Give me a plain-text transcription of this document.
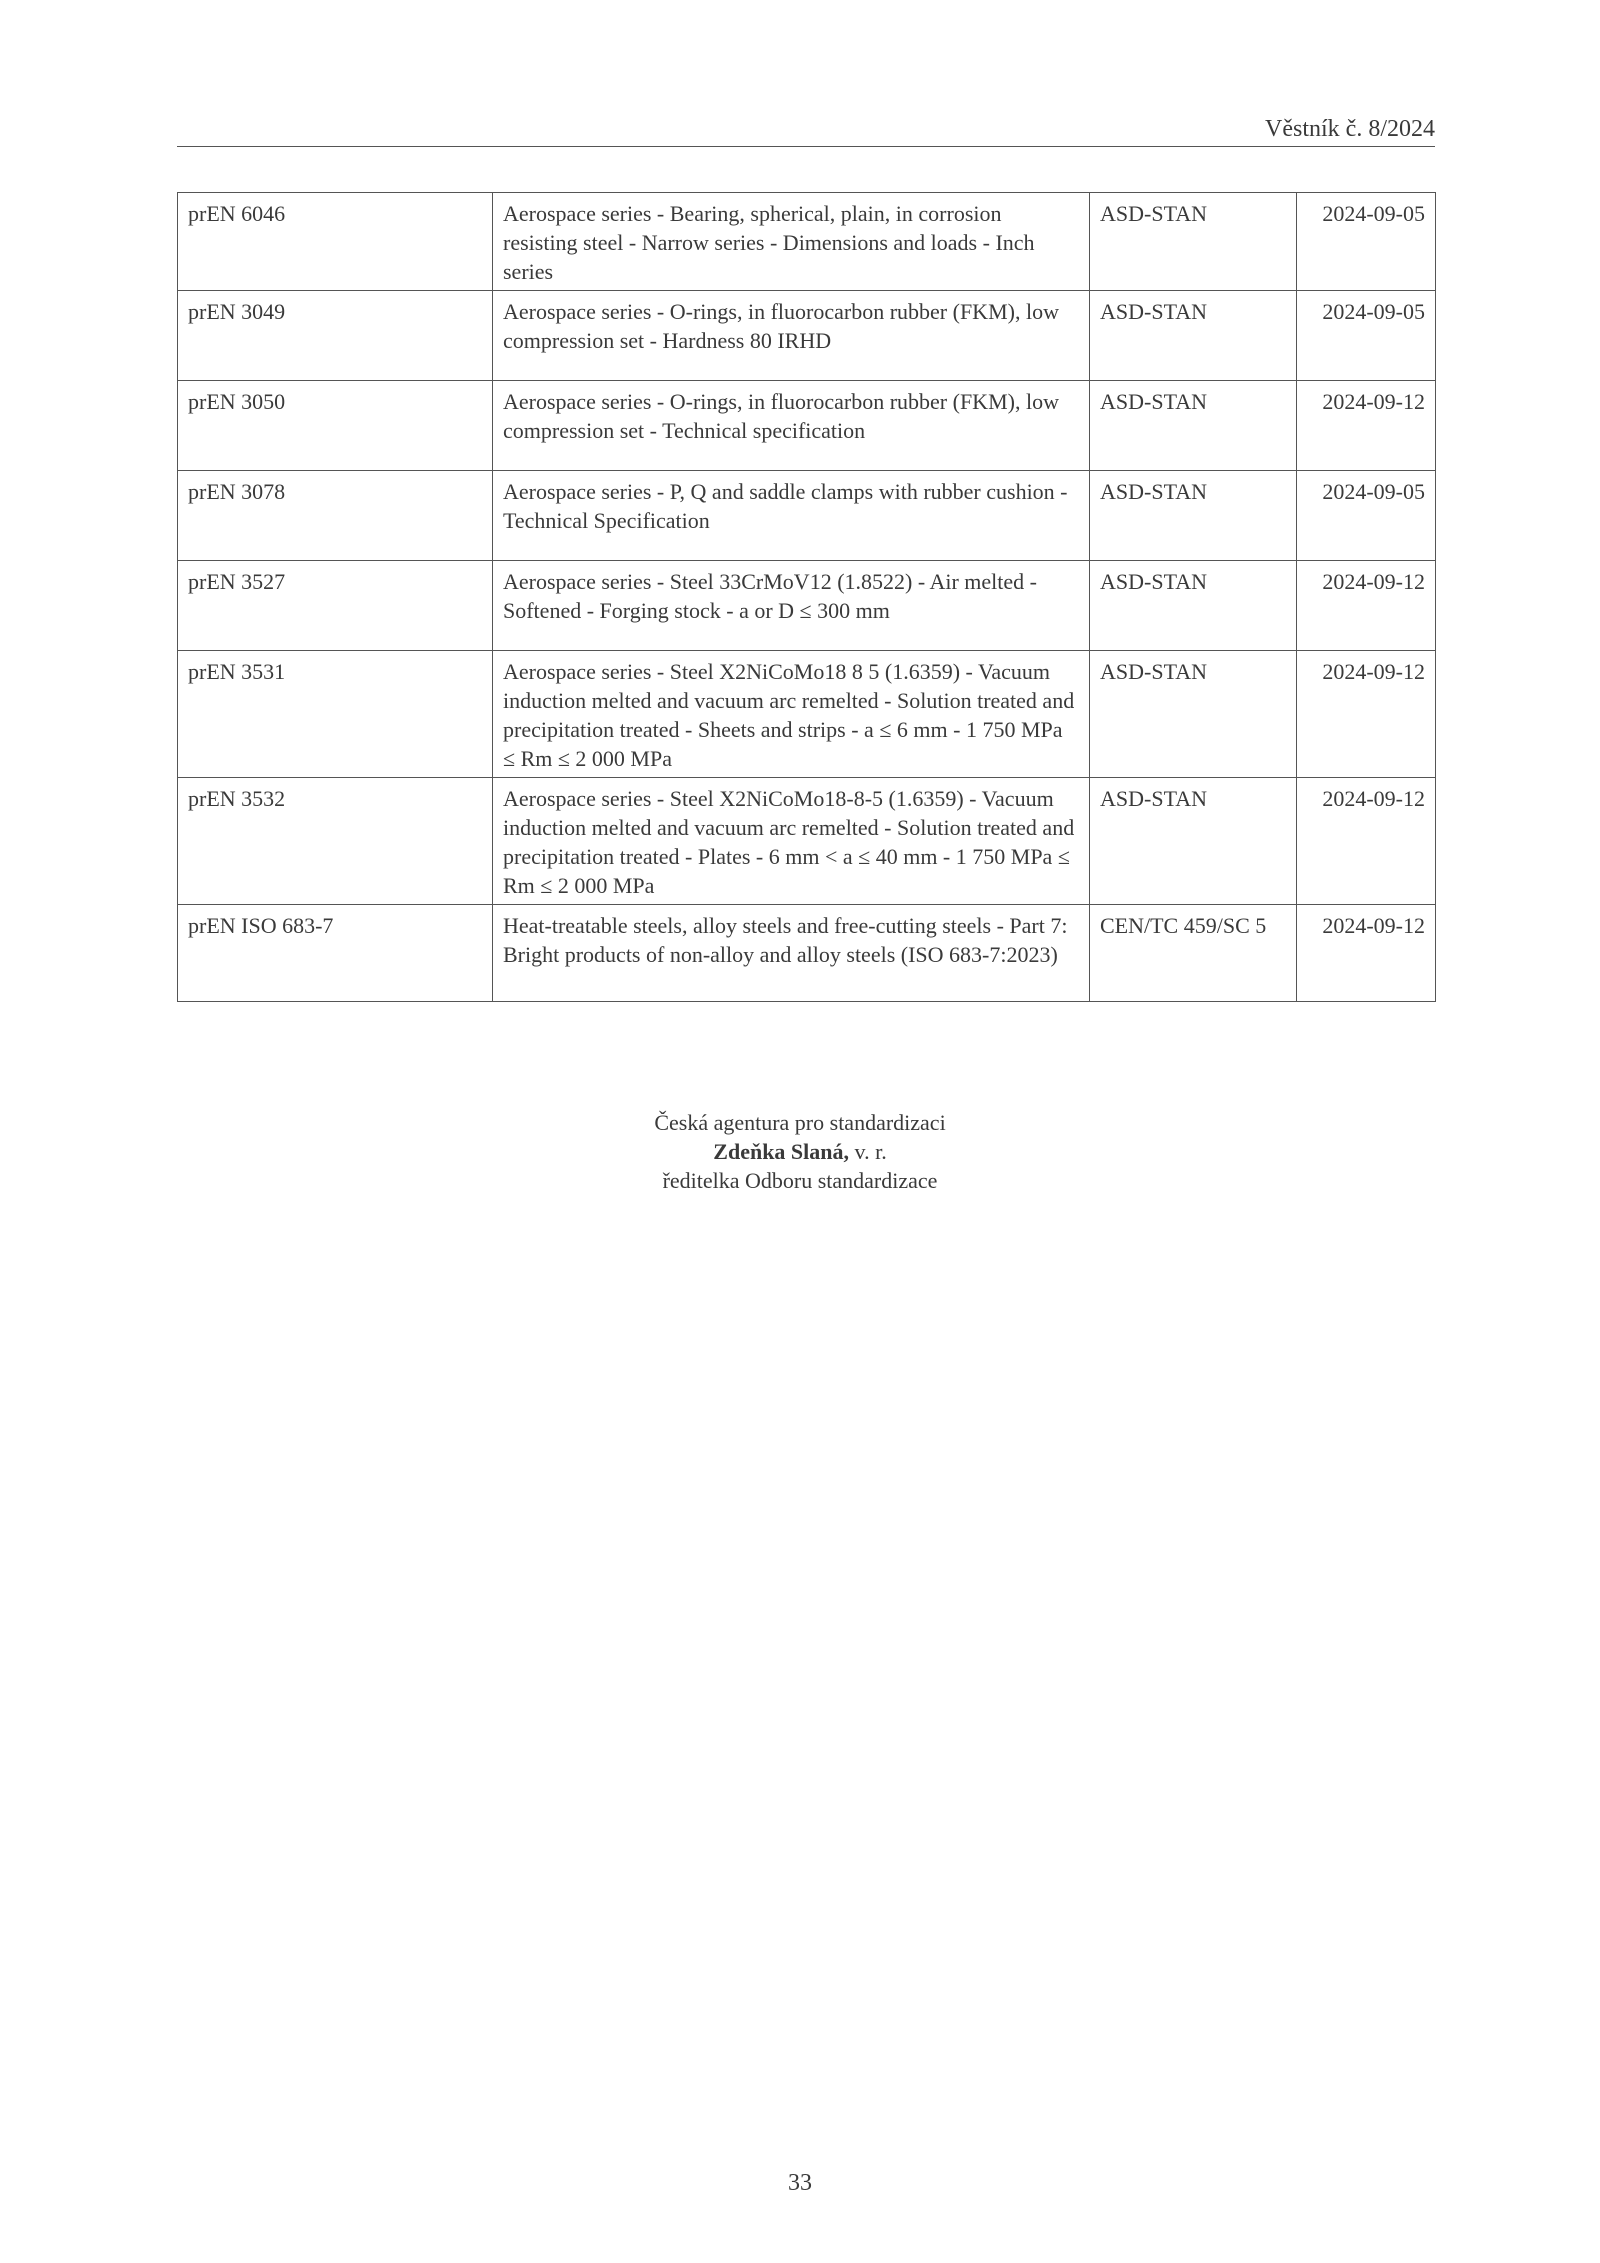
Věstník č. 8/2024
prEN 6046	Aerospace series - Bearing, spherical, plain, in corrosion resisting steel - Narrow series - Dimensions and loads - Inch series	ASD-STAN	2024-09-05
prEN 3049	Aerospace series - O-rings, in fluorocarbon rubber (FKM), low compression set - Hardness 80 IRHD	ASD-STAN	2024-09-05
prEN 3050	Aerospace series - O-rings, in fluorocarbon rubber (FKM), low compression set - Technical specification	ASD-STAN	2024-09-12
prEN 3078	Aerospace series - P, Q and saddle clamps with rubber cushion - Technical Specification	ASD-STAN	2024-09-05
prEN 3527	Aerospace series - Steel 33CrMoV12 (1.8522) - Air melted - Softened - Forging stock - a or D ≤ 300 mm	ASD-STAN	2024-09-12
prEN 3531	Aerospace series - Steel X2NiCoMo18 8 5 (1.6359) - Vacuum induction melted and vacuum arc remelted - Solution treated and precipitation treated - Sheets and strips - a ≤ 6 mm - 1 750 MPa ≤ Rm ≤ 2 000 MPa	ASD-STAN	2024-09-12
prEN 3532	Aerospace series - Steel X2NiCoMo18-8-5 (1.6359) - Vacuum induction melted and vacuum arc remelted - Solution treated and precipitation treated - Plates - 6 mm < a ≤ 40 mm - 1 750 MPa ≤ Rm ≤ 2 000 MPa	ASD-STAN	2024-09-12
prEN ISO 683-7	Heat-treatable steels, alloy steels and free-cutting steels - Part 7: Bright products of non-alloy and alloy steels (ISO 683-7:2023)	CEN/TC 459/SC 5	2024-09-12
Česká agentura pro standardizaci
Zdeňka Slaná, v. r.
ředitelka Odboru standardizace
33
